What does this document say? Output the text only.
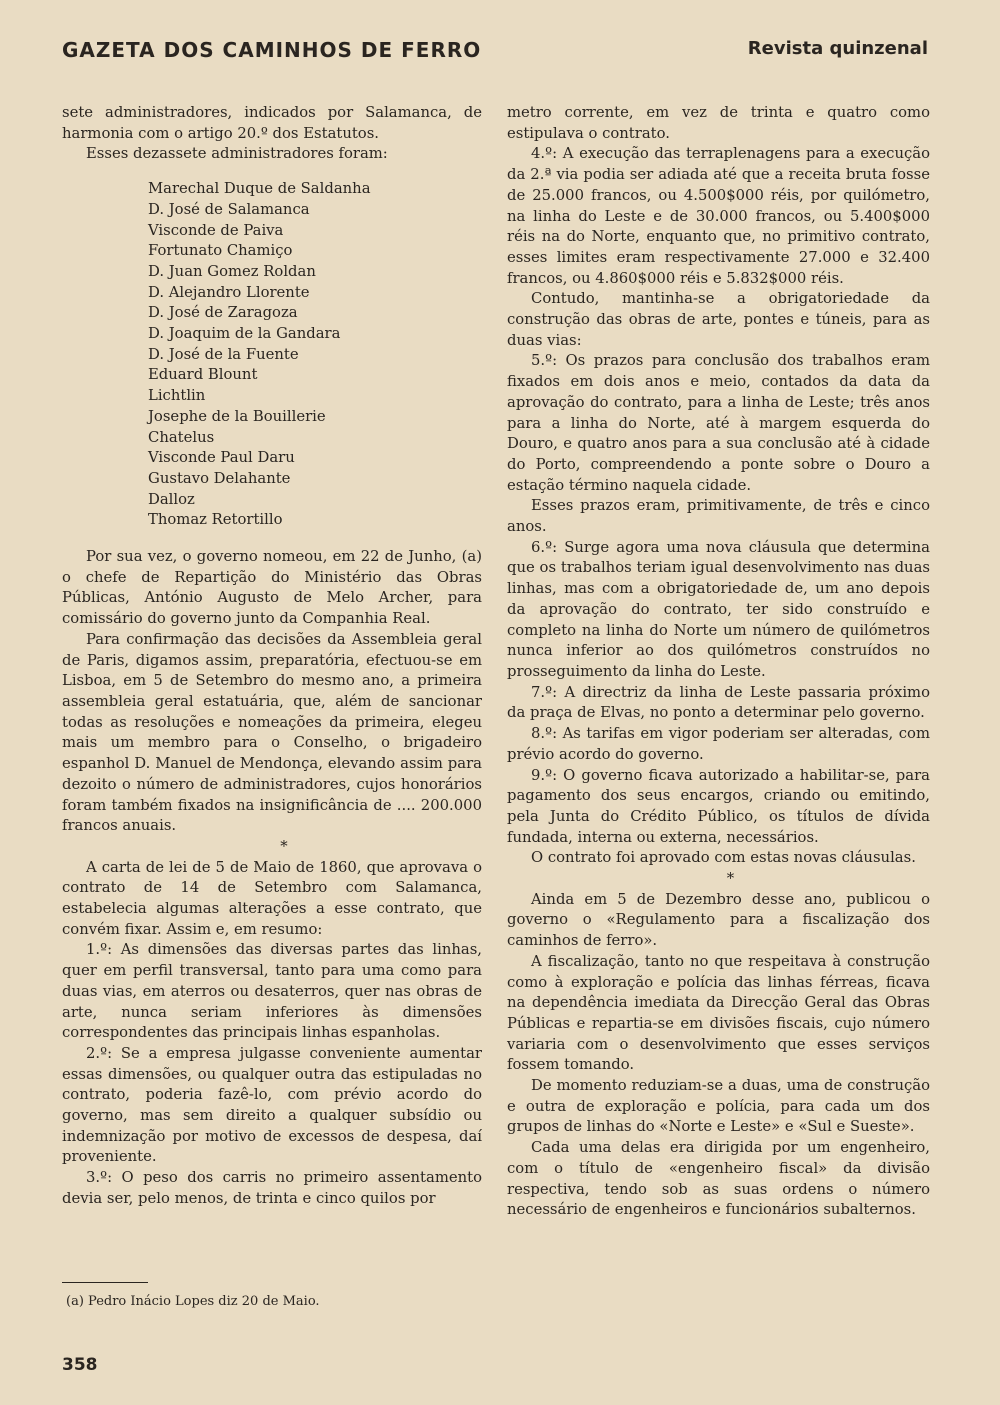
GAZETA DOS CAMINHOS DE FERRO	Revista quinzenal

sete administradores, indicados por Salamanca, de harmonia com o artigo 20.º dos Estatutos.

Esses dezassete administradores foram:

Marechal Duque de Saldanha
D. José de Salamanca
Visconde de Paiva
Fortunato Chamiço
D. Juan Gomez Roldan
D. Alejandro Llorente
D. José de Zaragoza
D. Joaquim de la Gandara
D. José de la Fuente
Eduard Blount
Lichtlin
Josephe de la Bouillerie
Chatelus
Visconde Paul Daru
Gustavo Delahante
Dalloz
Thomaz Retortillo

Por sua vez, o governo nomeou, em 22 de Junho, (a) o chefe de Repartição do Ministério das Obras Públicas, António Augusto de Melo Archer, para comissário do governo junto da Companhia Real.

Para confirmação das decisões da Assembleia geral de Paris, digamos assim, preparatória, efectuou-se em Lisboa, em 5 de Setembro do mesmo ano, a primeira assembleia geral estatuária, que, além de sancionar todas as resoluções e nomeações da primeira, elegeu mais um membro para o Conselho, o brigadeiro espanhol D. Manuel de Mendonça, elevando assim para dezoito o número de administradores, cujos honorários foram também fixados na insignificância de .... 200.000 francos anuais.

*

A carta de lei de 5 de Maio de 1860, que aprovava o contrato de 14 de Setembro com Salamanca, estabelecia algumas alterações a esse contrato, que convém fixar. Assim e, em resumo:

1.º: As dimensões das diversas partes das linhas, quer em perfil transversal, tanto para uma como para duas vias, em aterros ou desaterros, quer nas obras de arte, nunca seriam inferiores às dimensões correspondentes das principais linhas espanholas.

2.º: Se a empresa julgasse conveniente aumentar essas dimensões, ou qualquer outra das estipuladas no contrato, poderia fazê-lo, com prévio acordo do governo, mas sem direito a qualquer subsídio ou indemnização por motivo de excessos de despesa, daí proveniente.

3.º: O peso dos carris no primeiro assentamento devia ser, pelo menos, de trinta e cinco quilos por

metro corrente, em vez de trinta e quatro como estipulava o contrato.

4.º: A execução das terraplenagens para a execução da 2.ª via podia ser adiada até que a receita bruta fosse de 25.000 francos, ou 4.500$000 réis, por quilómetro, na linha do Leste e de 30.000 francos, ou 5.400$000 réis na do Norte, enquanto que, no primitivo contrato, esses limites eram respectivamente 27.000 e 32.400 francos, ou 4.860$000 réis e 5.832$000 réis.

Contudo, mantinha-se a obrigatoriedade da construção das obras de arte, pontes e túneis, para as duas vias:

5.º: Os prazos para conclusão dos trabalhos eram fixados em dois anos e meio, contados da data da aprovação do contrato, para a linha de Leste; três anos para a linha do Norte, até à margem esquerda do Douro, e quatro anos para a sua conclusão até à cidade do Porto, compreendendo a ponte sobre o Douro a estação término naquela cidade.

Esses prazos eram, primitivamente, de três e cinco anos.

6.º: Surge agora uma nova cláusula que determina que os trabalhos teriam igual desenvolvimento nas duas linhas, mas com a obrigatoriedade de, um ano depois da aprovação do contrato, ter sido construído e completo na linha do Norte um número de quilómetros nunca inferior ao dos quilómetros construídos no prosseguimento da linha do Leste.

7.º: A directriz da linha de Leste passaria próximo da praça de Elvas, no ponto a determinar pelo governo.

8.º: As tarifas em vigor poderiam ser alteradas, com prévio acordo do governo.

9.º: O governo ficava autorizado a habilitar-se, para pagamento dos seus encargos, criando ou emitindo, pela Junta do Crédito Público, os títulos de dívida fundada, interna ou externa, necessários.

O contrato foi aprovado com estas novas cláusulas.

*

Ainda em 5 de Dezembro desse ano, publicou o governo o «Regulamento para a fiscalização dos caminhos de ferro».

A fiscalização, tanto no que respeitava à construção como à exploração e polícia das linhas férreas, ficava na dependência imediata da Direcção Geral das Obras Públicas e repartia-se em divisões fiscais, cujo número variaria com o desenvolvimento que esses serviços fossem tomando.

De momento reduziam-se a duas, uma de construção e outra de exploração e polícia, para cada um dos grupos de linhas do «Norte e Leste» e «Sul e Sueste».

Cada uma delas era dirigida por um engenheiro, com o título de «engenheiro fiscal» da divisão respectiva, tendo sob as suas ordens o número necessário de engenheiros e funcionários subalternos.

(a) Pedro Inácio Lopes diz 20 de Maio.
358
